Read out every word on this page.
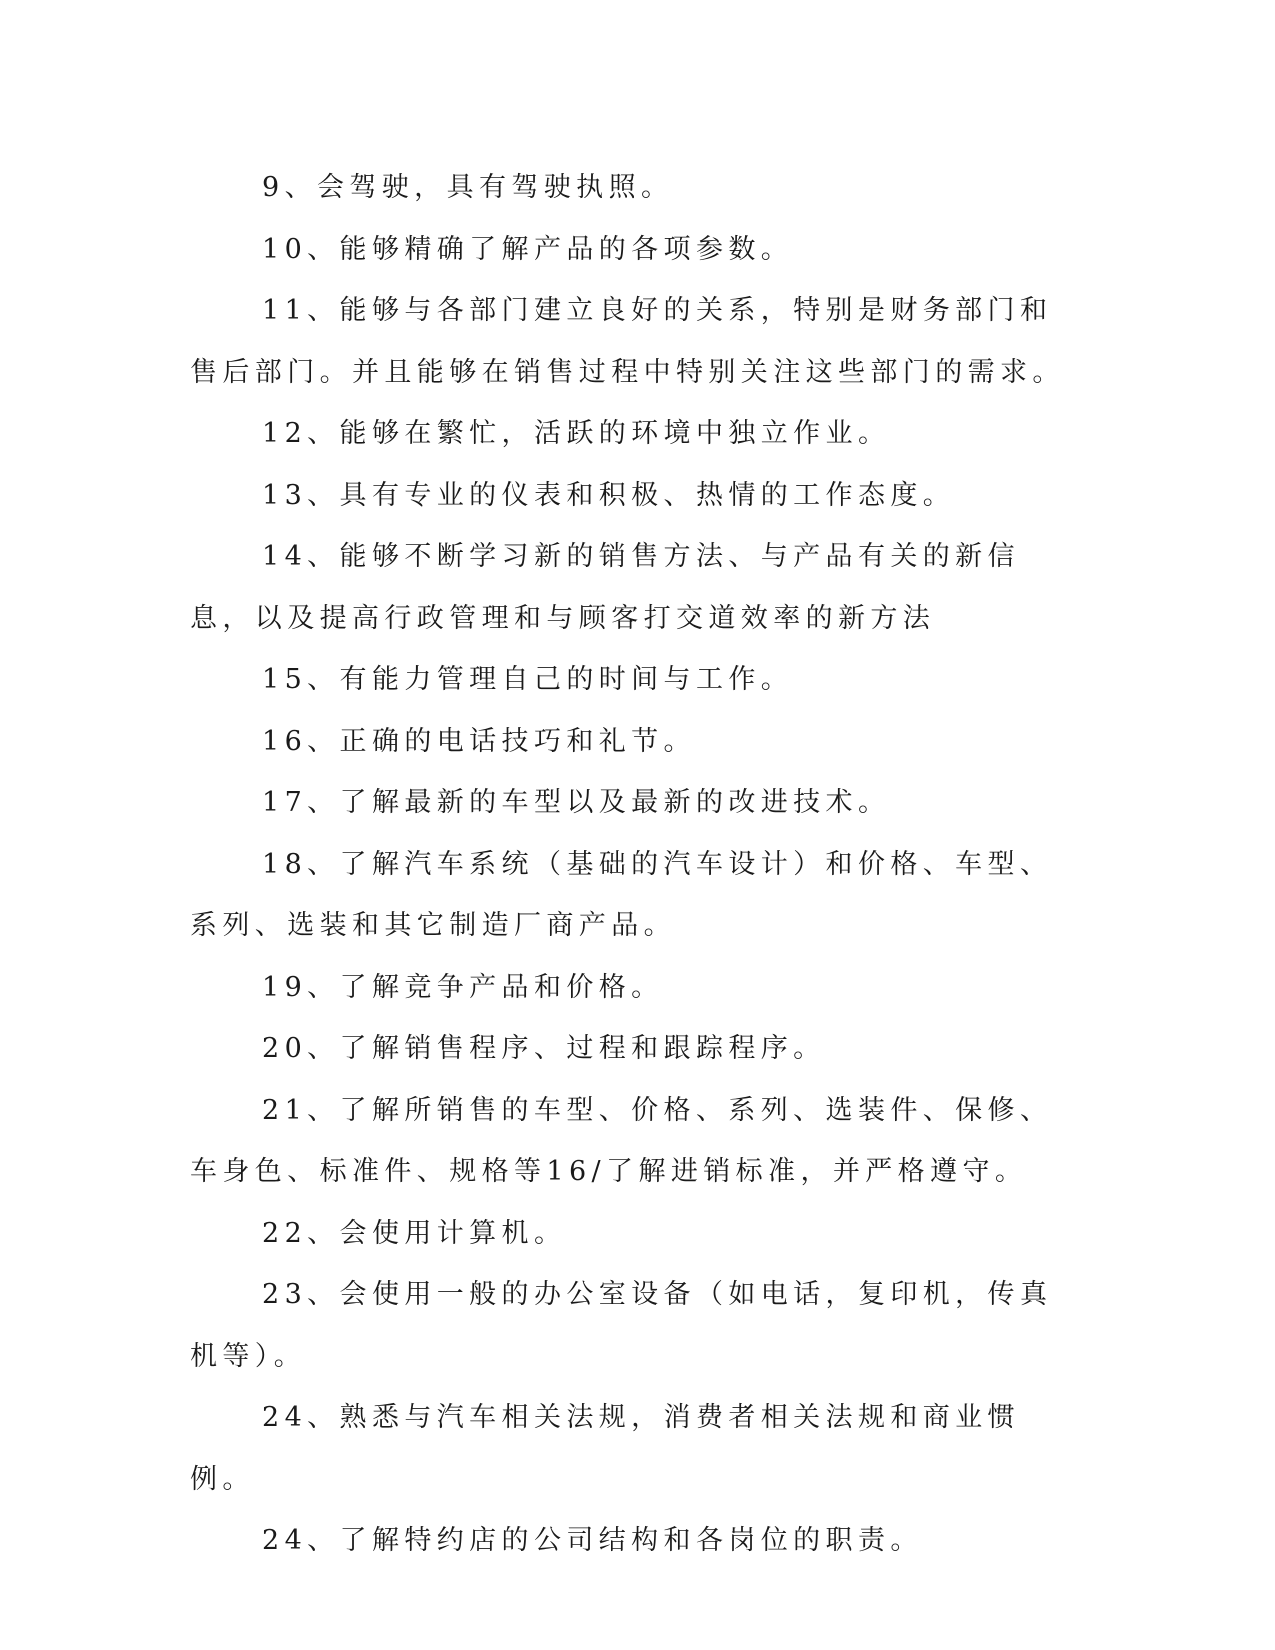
9、会驾驶，具有驾驶执照。

10、能够精确了解产品的各项参数。

11、能够与各部门建立良好的关系，特别是财务部门和售后部门。并且能够在销售过程中特别关注这些部门的需求。

12、能够在繁忙，活跃的环境中独立作业。

13、具有专业的仪表和积极、热情的工作态度。

14、能够不断学习新的销售方法、与产品有关的新信息，以及提高行政管理和与顾客打交道效率的新方法

15、有能力管理自己的时间与工作。

16、正确的电话技巧和礼节。

17、了解最新的车型以及最新的改进技术。

18、了解汽车系统（基础的汽车设计）和价格、车型、系列、选装和其它制造厂商产品。

19、了解竞争产品和价格。

20、了解销售程序、过程和跟踪程序。

21、了解所销售的车型、价格、系列、选装件、保修、车身色、标准件、规格等16/了解进销标准，并严格遵守。

22、会使用计算机。

23、会使用一般的办公室设备（如电话，复印机，传真机等）。

24、熟悉与汽车相关法规，消费者相关法规和商业惯例。

24、了解特约店的公司结构和各岗位的职责。
